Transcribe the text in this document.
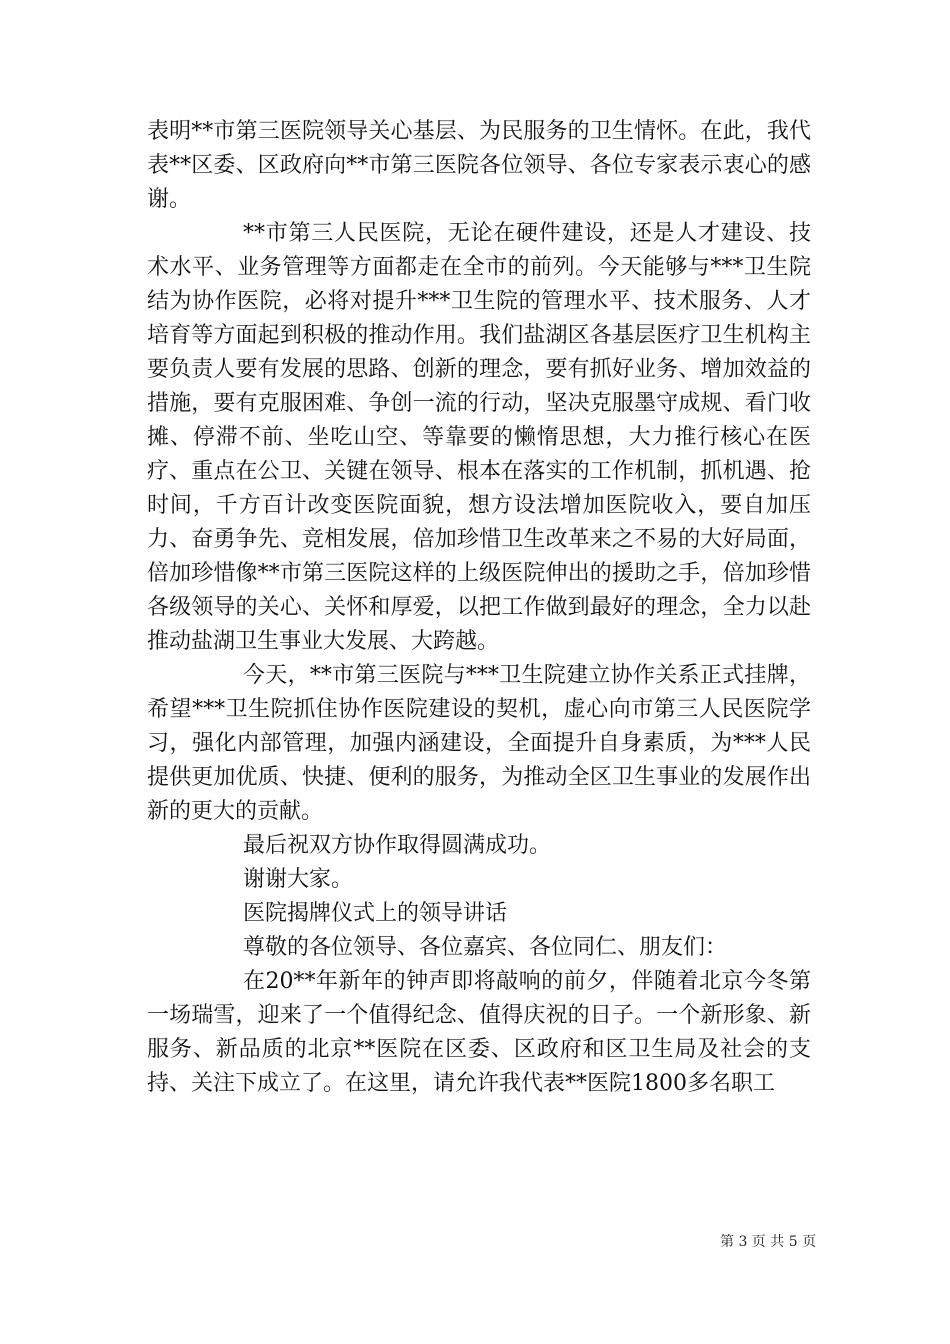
表明**市第三医院领导关心基层、为民服务的卫生情怀。在此，我代表**区委、区政府向**市第三医院各位领导、各位专家表示衷心的感谢。

**市第三人民医院，无论在硬件建设，还是人才建设、技术水平、业务管理等方面都走在全市的前列。今天能够与***卫生院结为协作医院，必将对提升***卫生院的管理水平、技术服务、人才培育等方面起到积极的推动作用。我们盐湖区各基层医疗卫生机构主要负责人要有发展的思路、创新的理念，要有抓好业务、增加效益的措施，要有克服困难、争创一流的行动，坚决克服墨守成规、看门收摊、停滞不前、坐吃山空、等靠要的懒惰思想，大力推行核心在医疗、重点在公卫、关键在领导、根本在落实的工作机制，抓机遇、抢时间，千方百计改变医院面貌，想方设法增加医院收入，要自加压力、奋勇争先、竞相发展，倍加珍惜卫生改革来之不易的大好局面，倍加珍惜像**市第三医院这样的上级医院伸出的援助之手，倍加珍惜各级领导的关心、关怀和厚爱，以把工作做到最好的理念，全力以赴推动盐湖卫生事业大发展、大跨越。

今天，**市第三医院与***卫生院建立协作关系正式挂牌，希望***卫生院抓住协作医院建设的契机，虚心向市第三人民医院学习，强化内部管理，加强内涵建设，全面提升自身素质，为***人民提供更加优质、快捷、便利的服务，为推动全区卫生事业的发展作出新的更大的贡献。

最后祝双方协作取得圆满成功。

谢谢大家。

医院揭牌仪式上的领导讲话

尊敬的各位领导、各位嘉宾、各位同仁、朋友们：

在20**年新年的钟声即将敲响的前夕，伴随着北京今冬第一场瑞雪，迎来了一个值得纪念、值得庆祝的日子。一个新形象、新服务、新品质的北京**医院在区委、区政府和区卫生局及社会的支持、关注下成立了。在这里，请允许我代表**医院1800多名职工

第 3 页 共 5 页
